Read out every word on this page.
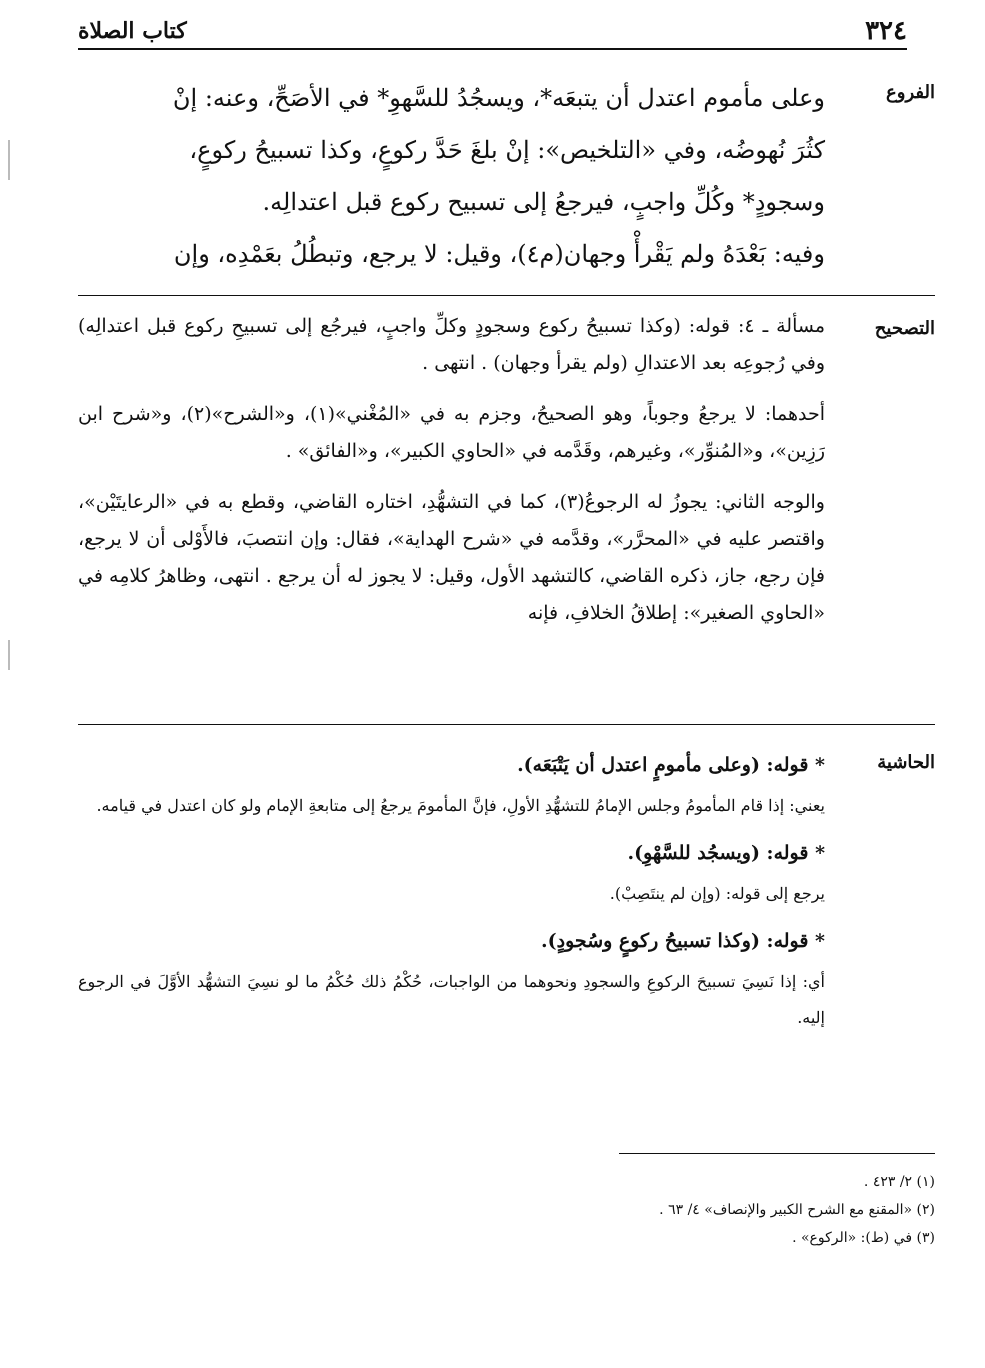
٣٢٤
كتاب الصلاة
الفروع

وعلى مأموم اعتدل أن يتبعَه*، ويسجُدُ للسَّهوِ* في الأصَحِّ، وعنه: إنْ

كثُرَ نُهوضُه، وفي «التلخيص»: إنْ بلغَ حَدَّ ركوعٍ، وكذا تسبيحُ ركوعٍ،

وسجودٍ* وكُلِّ واجبٍ، فيرجعُ إلى تسبيح ركوع قبل اعتدالِه.

وفيه: بَعْدَهُ ولم يَقْرأْ وجهان(م٤)، وقيل: لا يرجع، وتبطُلُ بعَمْدِه، وإن

التصحيح

مسألة ـ ٤: قوله: (وكذا تسبيحُ ركوع وسجودٍ وكلِّ واجبٍ، فيرجُع إلى تسبيحِ ركوع قبل اعتدالِه) وفي رُجوعِه بعد الاعتدالِ (ولم يقرأ وجهان) . انتهى .

أحدهما: لا يرجعُ وجوباً، وهو الصحيحُ، وجزم به في «المُغْني»(١)، و«الشرح»(٢)، و«شرح ابن رَزِين»، و«المُنوِّر»، وغيرهم، وقَدَّمه في «الحاوي الكبير»، و«الفائق» .

والوجه الثاني: يجوزُ له الرجوعُ(٣)، كما في التشهُّدِ، اختاره القاضي، وقطع به في «الرعايتَيْن»، واقتصر عليه في «المحرَّر»، وقدَّمه في «شرح الهداية»، فقال: وإن انتصبَ، فالأَوْلى أن لا يرجع، فإن رجع، جاز، ذكره القاضي، كالتشهد الأول، وقيل: لا يجوز له أن يرجع . انتهى، وظاهرُ كلامِه في «الحاوي الصغير»: إطلاقُ الخلافِ، فإنه

الحاشية

* قوله: (وعلى مأمومٍ اعتدل أن يَتْبَعَه).

يعني: إذا قام المأمومُ وجلس الإمامُ للتشهُّدِ الأولِ، فإنَّ المأمومَ يرجعُ إلى متابعةِ الإمام ولو كان اعتدل في قيامه.

* قوله: (ويسجُد للسَّهْوِ).

يرجع إلى قوله: (وإن لم ينتَصِبْ).

* قوله: (وكذا تسبيحُ ركوعٍ وسُجودٍ).

أي: إذا نَسِيَ تسبيحَ الركوعِ والسجودِ ونحوهما من الواجبات، حُكْمُ ذلك حُكْمُ ما لو نسِيَ التشهُّد الأوَّلَ في الرجوع إليه.

(١) ٢/ ٤٢٣ .
(٢) «المقنع مع الشرح الكبير والإنصاف» ٤/ ٦٣ .
(٣) في (ط): «الركوع» .
